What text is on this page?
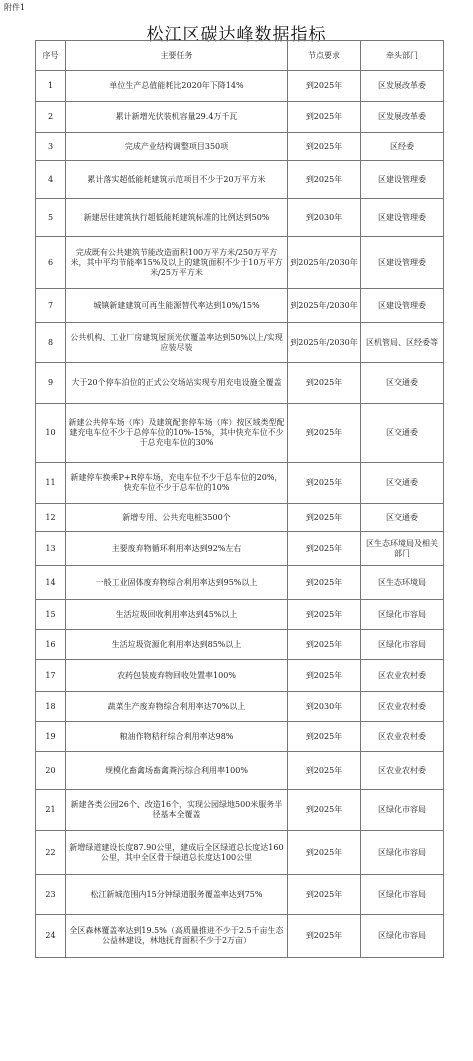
附件1
松江区碳达峰数据指标
序号	主要任务	节点要求	牵头部门
1	单位生产总值能耗比2020年下降14%	到2025年	区发展改革委
2	累计新增光伏装机容量29.4万千瓦	到2025年	区发展改革委
3	完成产业结构调整项目350项	到2025年	区经委
4	累计落实超低能耗建筑示范项目不少于20万平方米	到2025年	区建设管理委
5	新建居住建筑执行超低能耗建筑标准的比例达到50%	到2030年	区建设管理委
6	完成既有公共建筑节能改造面积100万平方米/250万平方米，其中平均节能率15%及以上的建筑面积不少于10万平方米/25万平方米	到2025年/2030年	区建设管理委
7	城镇新建建筑可再生能源替代率达到10%/15%	到2025年/2030年	区建设管理委
8	公共机构、工业厂房建筑屋顶光伏覆盖率达到50%以上/实现应装尽装	到2025年/2030年	区机管局、区经委等
9	大于20个停车泊位的正式公交场站实现专用充电设施全覆盖	到2025年	区交通委
10	新建公共停车场（库）及建筑配套停车场（库）按区域类型配建充电车位不少于总停车位的10%-15%，其中快充车位不少于总充电车位的30%	到2025年	区交通委
11	新建停车换乘P+R停车场，充电车位不少于总车位的20%，快充车位不少于总车位的10%	到2025年	区交通委
12	新增专用、公共充电桩3500个	到2025年	区交通委
13	主要废弃物循环利用率达到92%左右	到2025年	区生态环境局及相关部门
14	一般工业固体废弃物综合利用率达到95%以上	到2025年	区生态环境局
15	生活垃圾回收利用率达到45%以上	到2025年	区绿化市容局
16	生活垃圾资源化利用率达到85%以上	到2025年	区绿化市容局
17	农药包装废弃物回收处置率100%	到2025年	区农业农村委
18	蔬菜生产废弃物综合利用率达70%以上	到2030年	区农业农村委
19	粮油作物秸秆综合利用率达98%	到2025年	区农业农村委
20	规模化畜禽场畜禽粪污综合利用率100%	到2025年	区农业农村委
21	新建各类公园26个、改造16个，实现公园绿地500米服务半径基本全覆盖	到2025年	区绿化市容局
22	新增绿道建设长度87.90公里，建成后全区绿道总长度达160公里，其中全区骨干绿道总长度达100公里	到2025年	区绿化市容局
23	松江新城范围内15分钟绿道服务覆盖率达到75%	到2025年	区绿化市容局
24	全区森林覆盖率达到19.5%（高质量推进不少于2.5千亩生态公益林建设，林地抚育面积不少于2万亩）	到2025年	区绿化市容局
